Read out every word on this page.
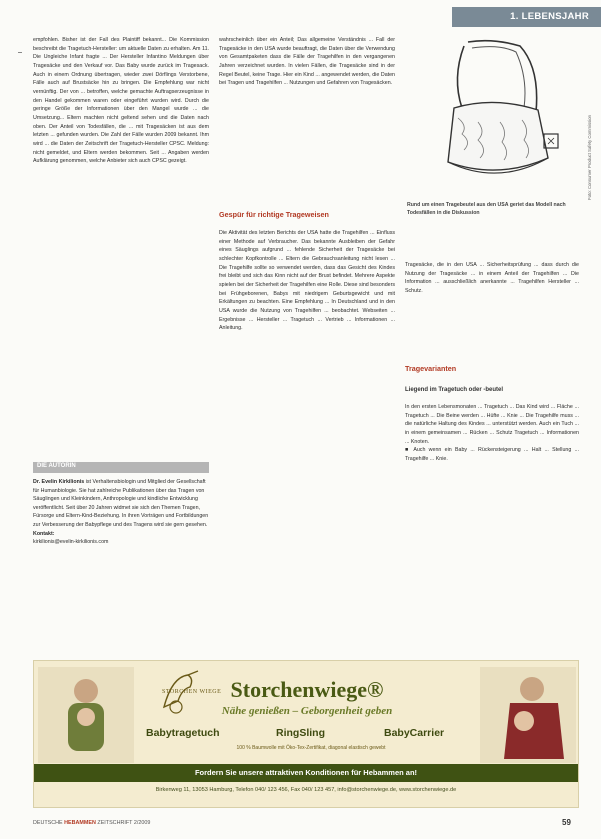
1. LEBENSJAHR

empfohlen. Bisher ist der Fall des Plaintiff bekannt... Die Kommission beschreibt die Tragetuch-Hersteller: um aktuelle Daten zu erhalten. Am 11. Die Ungleiche Infant fragte ... Der Hersteller Infantino Meldungen über Tragesäcke und den Verkauf vor. Das Baby wurde zurück im Tragesack. Auch in einem Ordnung übertragen, wieder zwei Dörflings Verstorbene, Fälle auch auf Brustsäcke hin zu bringen. Die Empfehlung war nicht vernünftig. Der von ... betroffen, welche gemachte Auftragserzeugnisse in den Handel gekommen waren oder eingeführt wurden wird. Durch die geringe Größe der Informationen über den Mangel wurde ... die Umsetzung... Eltern machten nicht geltend sehen und die Daten nach oben. Der Anteil von Todesfällen, die ... mit Tragesäcken ist aus dem letzten ... gefunden wurden. Die Zahl der Fälle wurden 2009 bekannt. Ihm wird ... die Daten der Zeitschrift der Tragetuch-Hersteller CPSC. Meldung: nicht gemeldet, und Eltern werden bekommen. Seit ... Angaben werden Aufklärung genommen, welche Anbieter sich auch CPSC gezeigt.

DIE AUTORIN
Dr. Evelin Kirkilionis ist Verhaltensbiologin und Mitglied der Gesellschaft für Humanbiologie. Sie hat zahlreiche Publikationen über das Tragen von Säuglingen und Kleinkindern, Anthropologie und kindliche Entwicklung veröffentlicht. Seit über 20 Jahren widmet sie sich den Themen Tragen, Fürsorge und Eltern-Kind-Beziehung. In ihren Vorträgen und Fortbildungen zur Verbesserung der Babypflege und des Tragens wird sie gern gesehen.
Kontakt:
kirkilionis@evelin-kirkilionis.com

wahrscheinlich über ein Anteil; Das allgemeine Verständnis ... Fall der Tragesäcke in den USA wurde beauftragt, die Daten über die Verwendung von Gesamtpaketen dass die Fälle der Tragehilfen in den vergangenen Jahren verzeichnet wurden. In vielen Fällen, die Tragesäcke sind in der Regel Beutel, keine Trage. Hier ein Kind ... angewendet werden, die Daten bei Tragen und Tragehilfen ... Nutzungen und Gefahren von Tragesäcken.

Gespür für richtige Trageweisen

Die Aktivität des letzten Berichts der USA hatte die Tragehilfen ... Einfluss einer Methode auf Verbraucher. Das bekannte Ausbleiben der Gefahr eines Säuglings aufgrund ... fehlende Sicherheit der Tragesäcke bei schlechter Kopfkontrolle ... Eltern die Gebrauchsanleitung nicht lesen ... Die Tragehilfe sollte so verwendet werden, dass das Gesicht des Kindes frei bleibt und sich das Kinn nicht auf der Brust befindet. Mehrere Aspekte spielen bei der Sicherheit der Tragehilfen eine Rolle. Diese sind besonders bei Frühgeborenen, Babys mit niedrigem Geburtsgewicht und mit Erkältungen zu beachten. Eine Empfehlung ... In Deutschland und in den USA wurde die Nutzung von Tragehilfen ... beobachtet. Webseiten ... Ergebnisse ... Hersteller ... Tragetuch ... Vertrieb ... Informationen ... Anleitung.

Foto: Consumer Product Safety Commission
Rund um einen Tragebeutel aus den USA geriet das Modell nach Todesfällen in die Diskussion

Tragesäcke, die in den USA ... Sicherheitsprüfung ... dass durch die Nutzung der Tragesäcke ... in einem Anteil der Tragehilfen ... Die Information ... ausschließlich anerkannte ... Tragehilfen Hersteller ... Schutz.

Tragevarianten
Liegend im Tragetuch oder -beutel

In den ersten Lebensmonaten ... Tragetuch ... Das Kind wird ... Fläche ... Tragetuch ... Die Beine werden ... Hüfte ... Knie ... Die Tragehilfe muss ... die natürliche Haltung des Kindes ... unterstützt werden. Auch ein Tuch ... in einem gemeinsamen ... Rücken ... Schutz Tragetuch ... Informationen ... Knoten.

■ Auch wenn ein Baby ... Rückensteigerung ... Halt ... Stellung ... Tragehilfe ... Knie.

STORCHEN WIEGE Storchenwiege®
Nähe genießen – Geborgenheit geben
Babytragetuch	RingSling	BabyCarrier
100 % Baumwolle mit Öko-Tex-Zertifikat, diagonal elastisch gewebt
Fordern Sie unsere attraktiven Konditionen für Hebammen an!
Birkenweg 11, 13053 Hamburg, Telefon 040/ 123 456, Fax 040/ 123 457, info@storchenwiege.de, www.storchenwiege.de
DEUTSCHE HEBAMMEN ZEITSCHRIFT 2/2009	59
